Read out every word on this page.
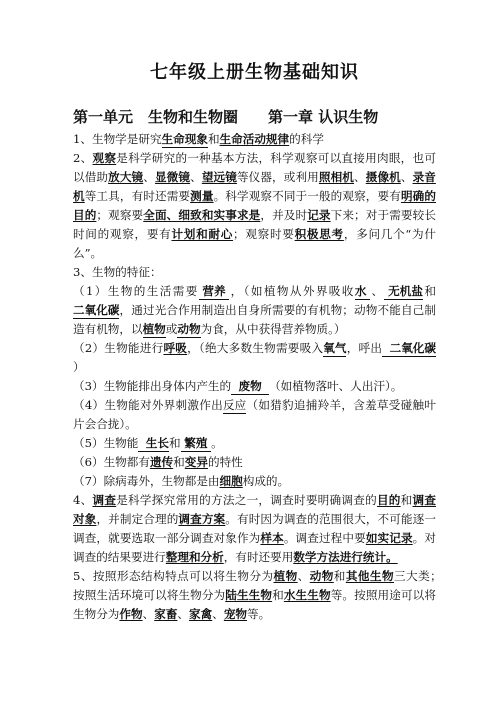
七年级上册生物基础知识
第一单元　生物和生物圈 第一章 认识生物

1、生物学是研究生命现象和生命活动规律的科学

2、观察是科学研究的一种基本方法，科学观察可以直接用肉眼，也可以借助放大镜、显微镜、望远镜等仪器，或利用照相机、摄像机、录音机等工具，有时还需要测量。科学观察不同于一般的观察，要有明确的目的；观察要全面、细致和实事求是，并及时记录下来；对于需要较长时间的观察，要有计划和耐心；观察时要积极思考，多问几个“为什么”。

3、生物的特征：

（1）生物的生活需要 营养 ，（如植物从外界吸收水 、 无机盐和二氧化碳，通过光合作用制造出自身所需要的有机物；动物不能自己制造有机物，以植物或动物为食，从中获得营养物质。）

（2）生物能进行呼吸，（绝大多数生物需要吸入氧气，呼出 二氧化碳）

（3）生物能排出身体内产生的 废物 （如植物落叶、人出汗）。

（4）生物能对外界刺激作出反应（如猎豹追捕羚羊，含羞草受碰触叶片会合拢）。

（5）生物能 生长和 繁殖 。

（6）生物都有遗传和变异的特性

（7）除病毒外，生物都是由细胞构成的。

4、调查是科学探究常用的方法之一，调查时要明确调查的目的和调查对象，并制定合理的调查方案。有时因为调查的范围很大，不可能逐一调查，就要选取一部分调查对象作为样本。调查过程中要如实记录。对调查的结果要进行整理和分析，有时还要用数学方法进行统计。

5、按照形态结构特点可以将生物分为植物、动物和其他生物三大类；　按照生活环境可以将生物分为陆生生物和水生生物等。按照用途可以将生物分为作物、家畜、家禽、宠物等。
